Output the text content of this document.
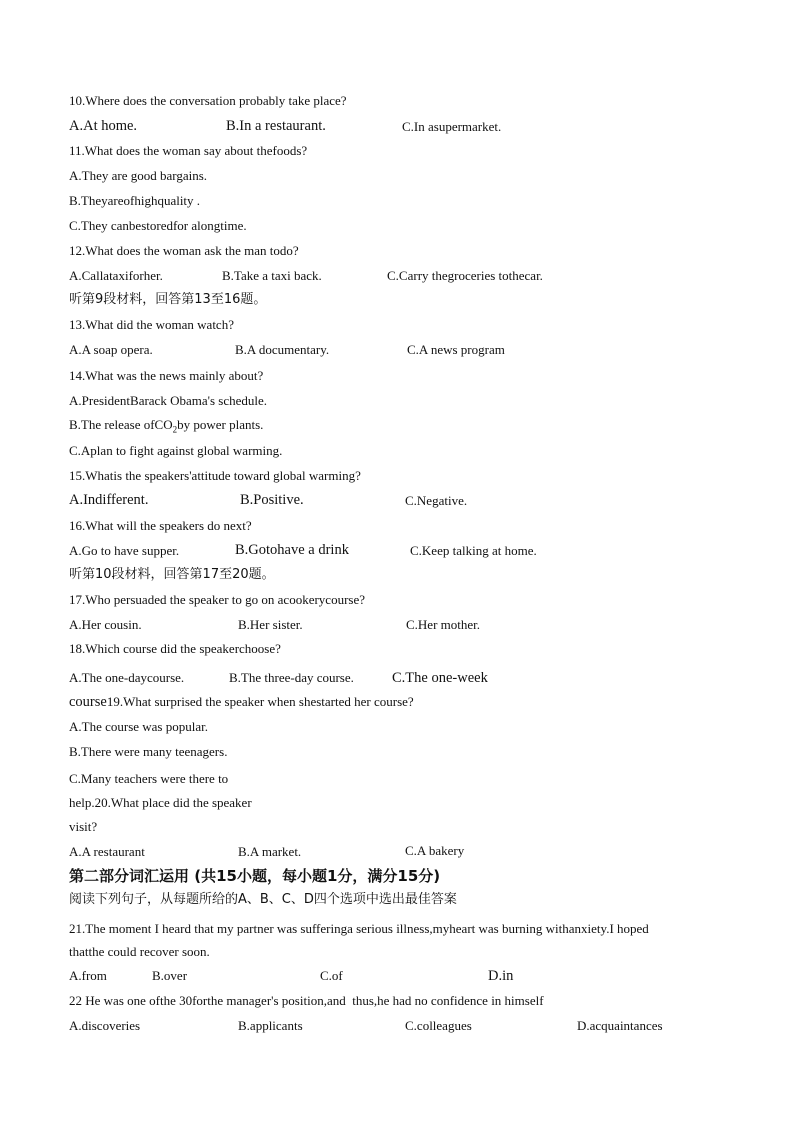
10.Where does the conversation probably take place?
A.At home.	B.In a restaurant.	C.In asupermarket.
11.What does the woman say about thefoods?
A.They are good bargains.
B.Theyareofhighquality .
C.They canbestoredfor alongtime.
12.What does the woman ask the man todo?
A.Callataxiforher.	B.Take a taxi back.	C.Carry thegroceries tothecar.
听第9段材料，回答第13至16题。
13.What did the woman watch?
A.A soap opera.	B.A documentary.	C.A news program
14.What was the news mainly about?
A.PresidentBarack Obama's schedule.
B.The release ofCO$_2$by power plants.
C.Aplan to fight against global warming.
15.Whatis the speakers'attitude toward global warming?
A.Indifferent.	B.Positive.	C.Negative.
16.What will the speakers do next?
A.Go to have supper.	B.Gotohave a drink	C.Keep talking at home.
听第10段材料，回答第17至20题。
17.Who persuaded the speaker to go on acookerycourse?
A.Her cousin.	B.Her sister.	C.Her mother.
18.Which course did the speakerchoose?
A.The one-daycourse.	B.The three-day course.	C.The one-week
course19.What surprised the speaker when shestarted her course?
A.The course was popular.
B.There were many teenagers.
C.Many teachers were there to
help.20.What place did the speaker
visit?
A.A restaurant	B.A market.	C.A bakery
第二部分词汇运用 (共15小题，每小题1分，满分15分)
阅读下列句子，从每题所给的A、B、C、D四个选项中选出最佳答案
21.The moment I heard that my partner was sufferinga serious illness,myheart was burning withanxiety.I hoped
thatthe could recover soon.
A.from	B.over	C.of	D.in
22 He was one ofthe 30forthe manager's position,and  thus,he had no confidence in himself
A.discoveries	B.applicants	C.colleagues	D.acquaintances
